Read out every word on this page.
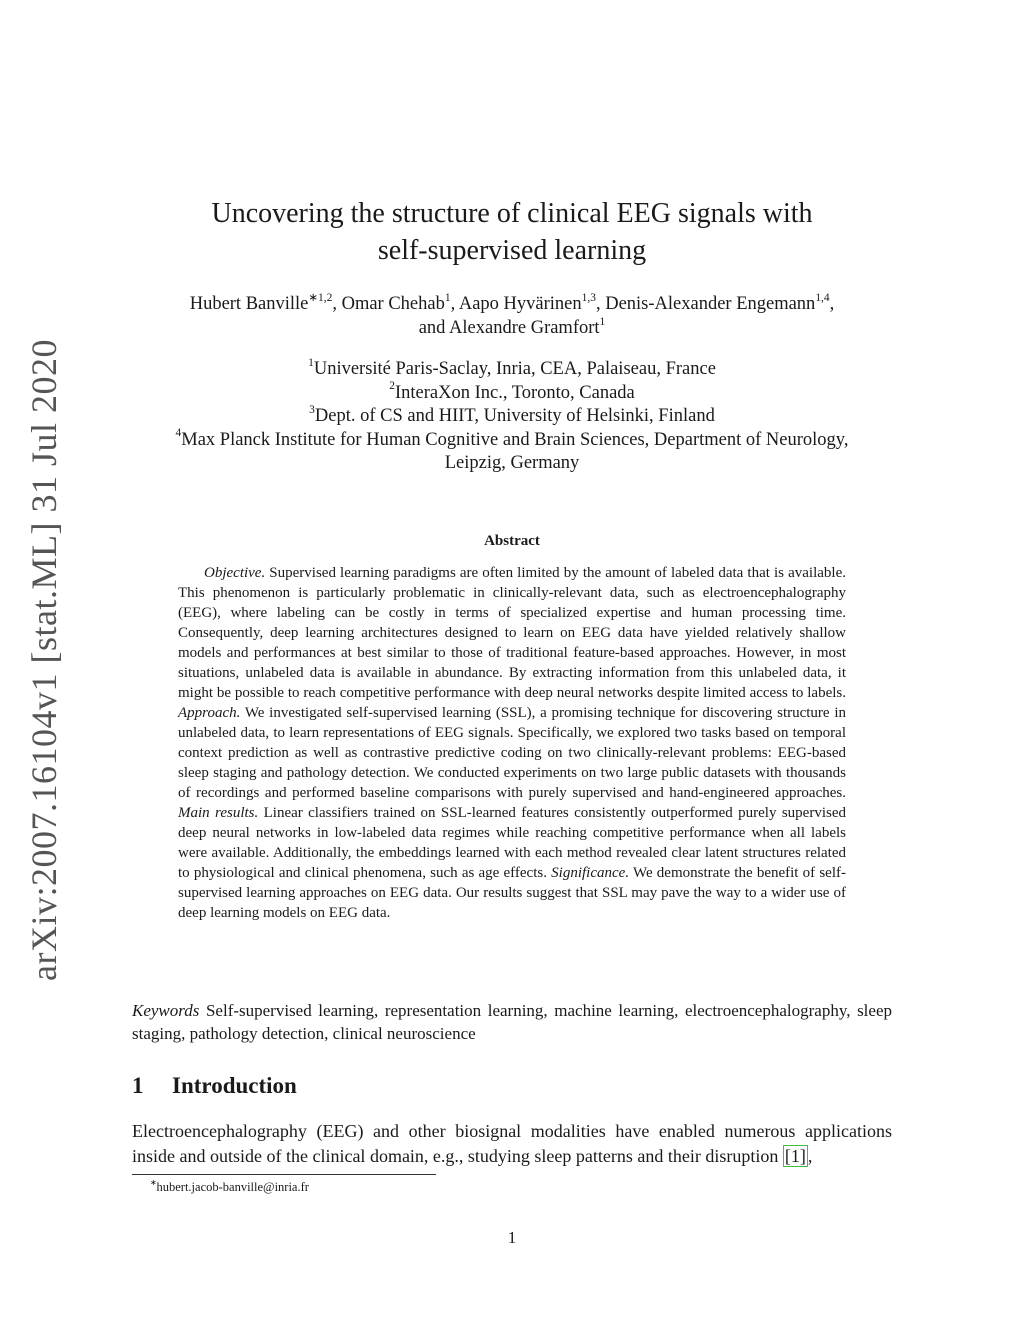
arXiv:2007.16104v1 [stat.ML] 31 Jul 2020
Uncovering the structure of clinical EEG signals with
self-supervised learning
Hubert Banville$^{∗1,2}$, Omar Chehab$^1$, Aapo Hyvärinen$^{1,3}$, Denis-Alexander Engemann$^{1,4}$,
and Alexandre Gramfort$^1$
$^1$Université Paris-Saclay, Inria, CEA, Palaiseau, France
$^2$InteraXon Inc., Toronto, Canada
$^3$Dept. of CS and HIIT, University of Helsinki, Finland
$^4$Max Planck Institute for Human Cognitive and Brain Sciences, Department of Neurology,
Leipzig, Germany
Abstract
Objective. Supervised learning paradigms are often limited by the amount of labeled data that is available. This phenomenon is particularly problematic in clinically-relevant data, such as electroencephalography (EEG), where labeling can be costly in terms of specialized expertise and human processing time. Consequently, deep learning architectures designed to learn on EEG data have yielded relatively shallow models and performances at best similar to those of traditional feature-based approaches. However, in most situations, unlabeled data is available in abundance. By extracting information from this unlabeled data, it might be possible to reach competitive performance with deep neural networks despite limited access to labels. Approach. We investigated self-supervised learning (SSL), a promising technique for discovering structure in unlabeled data, to learn representations of EEG signals. Specifically, we explored two tasks based on temporal context prediction as well as contrastive predictive coding on two clinically-relevant problems: EEG-based sleep staging and pathology detection. We conducted experiments on two large public datasets with thousands of recordings and performed baseline comparisons with purely supervised and hand-engineered approaches. Main results. Linear classifiers trained on SSL-learned features consistently outperformed purely supervised deep neural networks in low-labeled data regimes while reaching competitive performance when all labels were available. Additionally, the embeddings learned with each method revealed clear latent structures related to physiological and clinical phenomena, such as age effects. Significance. We demonstrate the benefit of self-supervised learning approaches on EEG data. Our results suggest that SSL may pave the way to a wider use of deep learning models on EEG data.
Keywords Self-supervised learning, representation learning, machine learning, electroencephalography, sleep staging, pathology detection, clinical neuroscience
1 Introduction
Electroencephalography (EEG) and other biosignal modalities have enabled numerous applications inside and outside of the clinical domain, e.g., studying sleep patterns and their disruption [1] ,
∗hubert.jacob-banville@inria.fr
1
